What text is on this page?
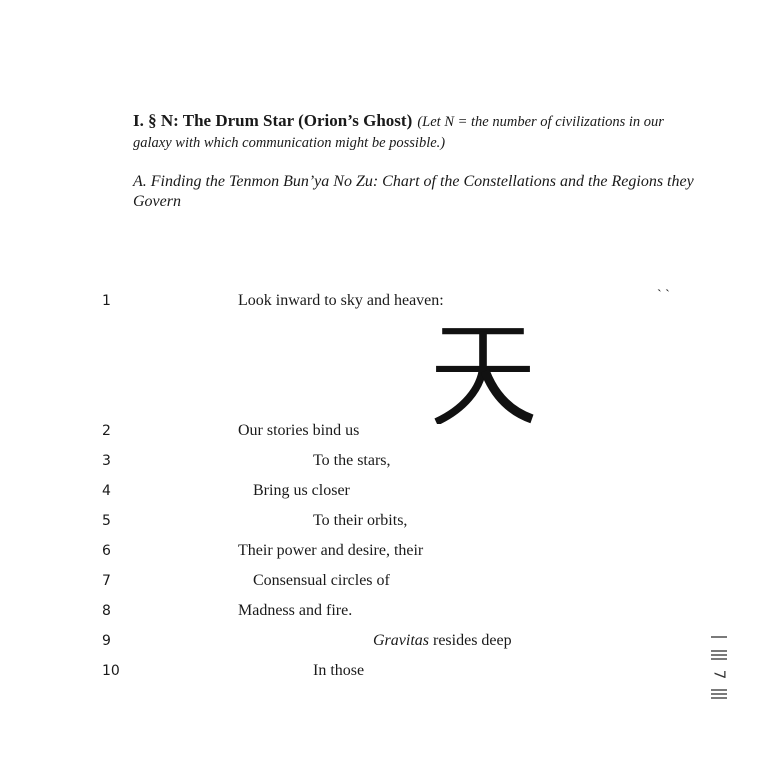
I. § N: The Drum Star (Orion’s Ghost) (Let N = the number of civilizations in our galaxy with which communication might be possible.)
A. Finding the Tenmon Bun’ya No Zu: Chart of the Constellations and the Regions they Govern
` `
1	Look inward to sky and heaven:
2	Our stories bind us
3	To the stars,
4	Bring us closer
5	To their orbits,
6	Their power and desire, their
7	Consensual circles of
8	Madness and fire.
9	Gravitas resides deep
10	In those	7
